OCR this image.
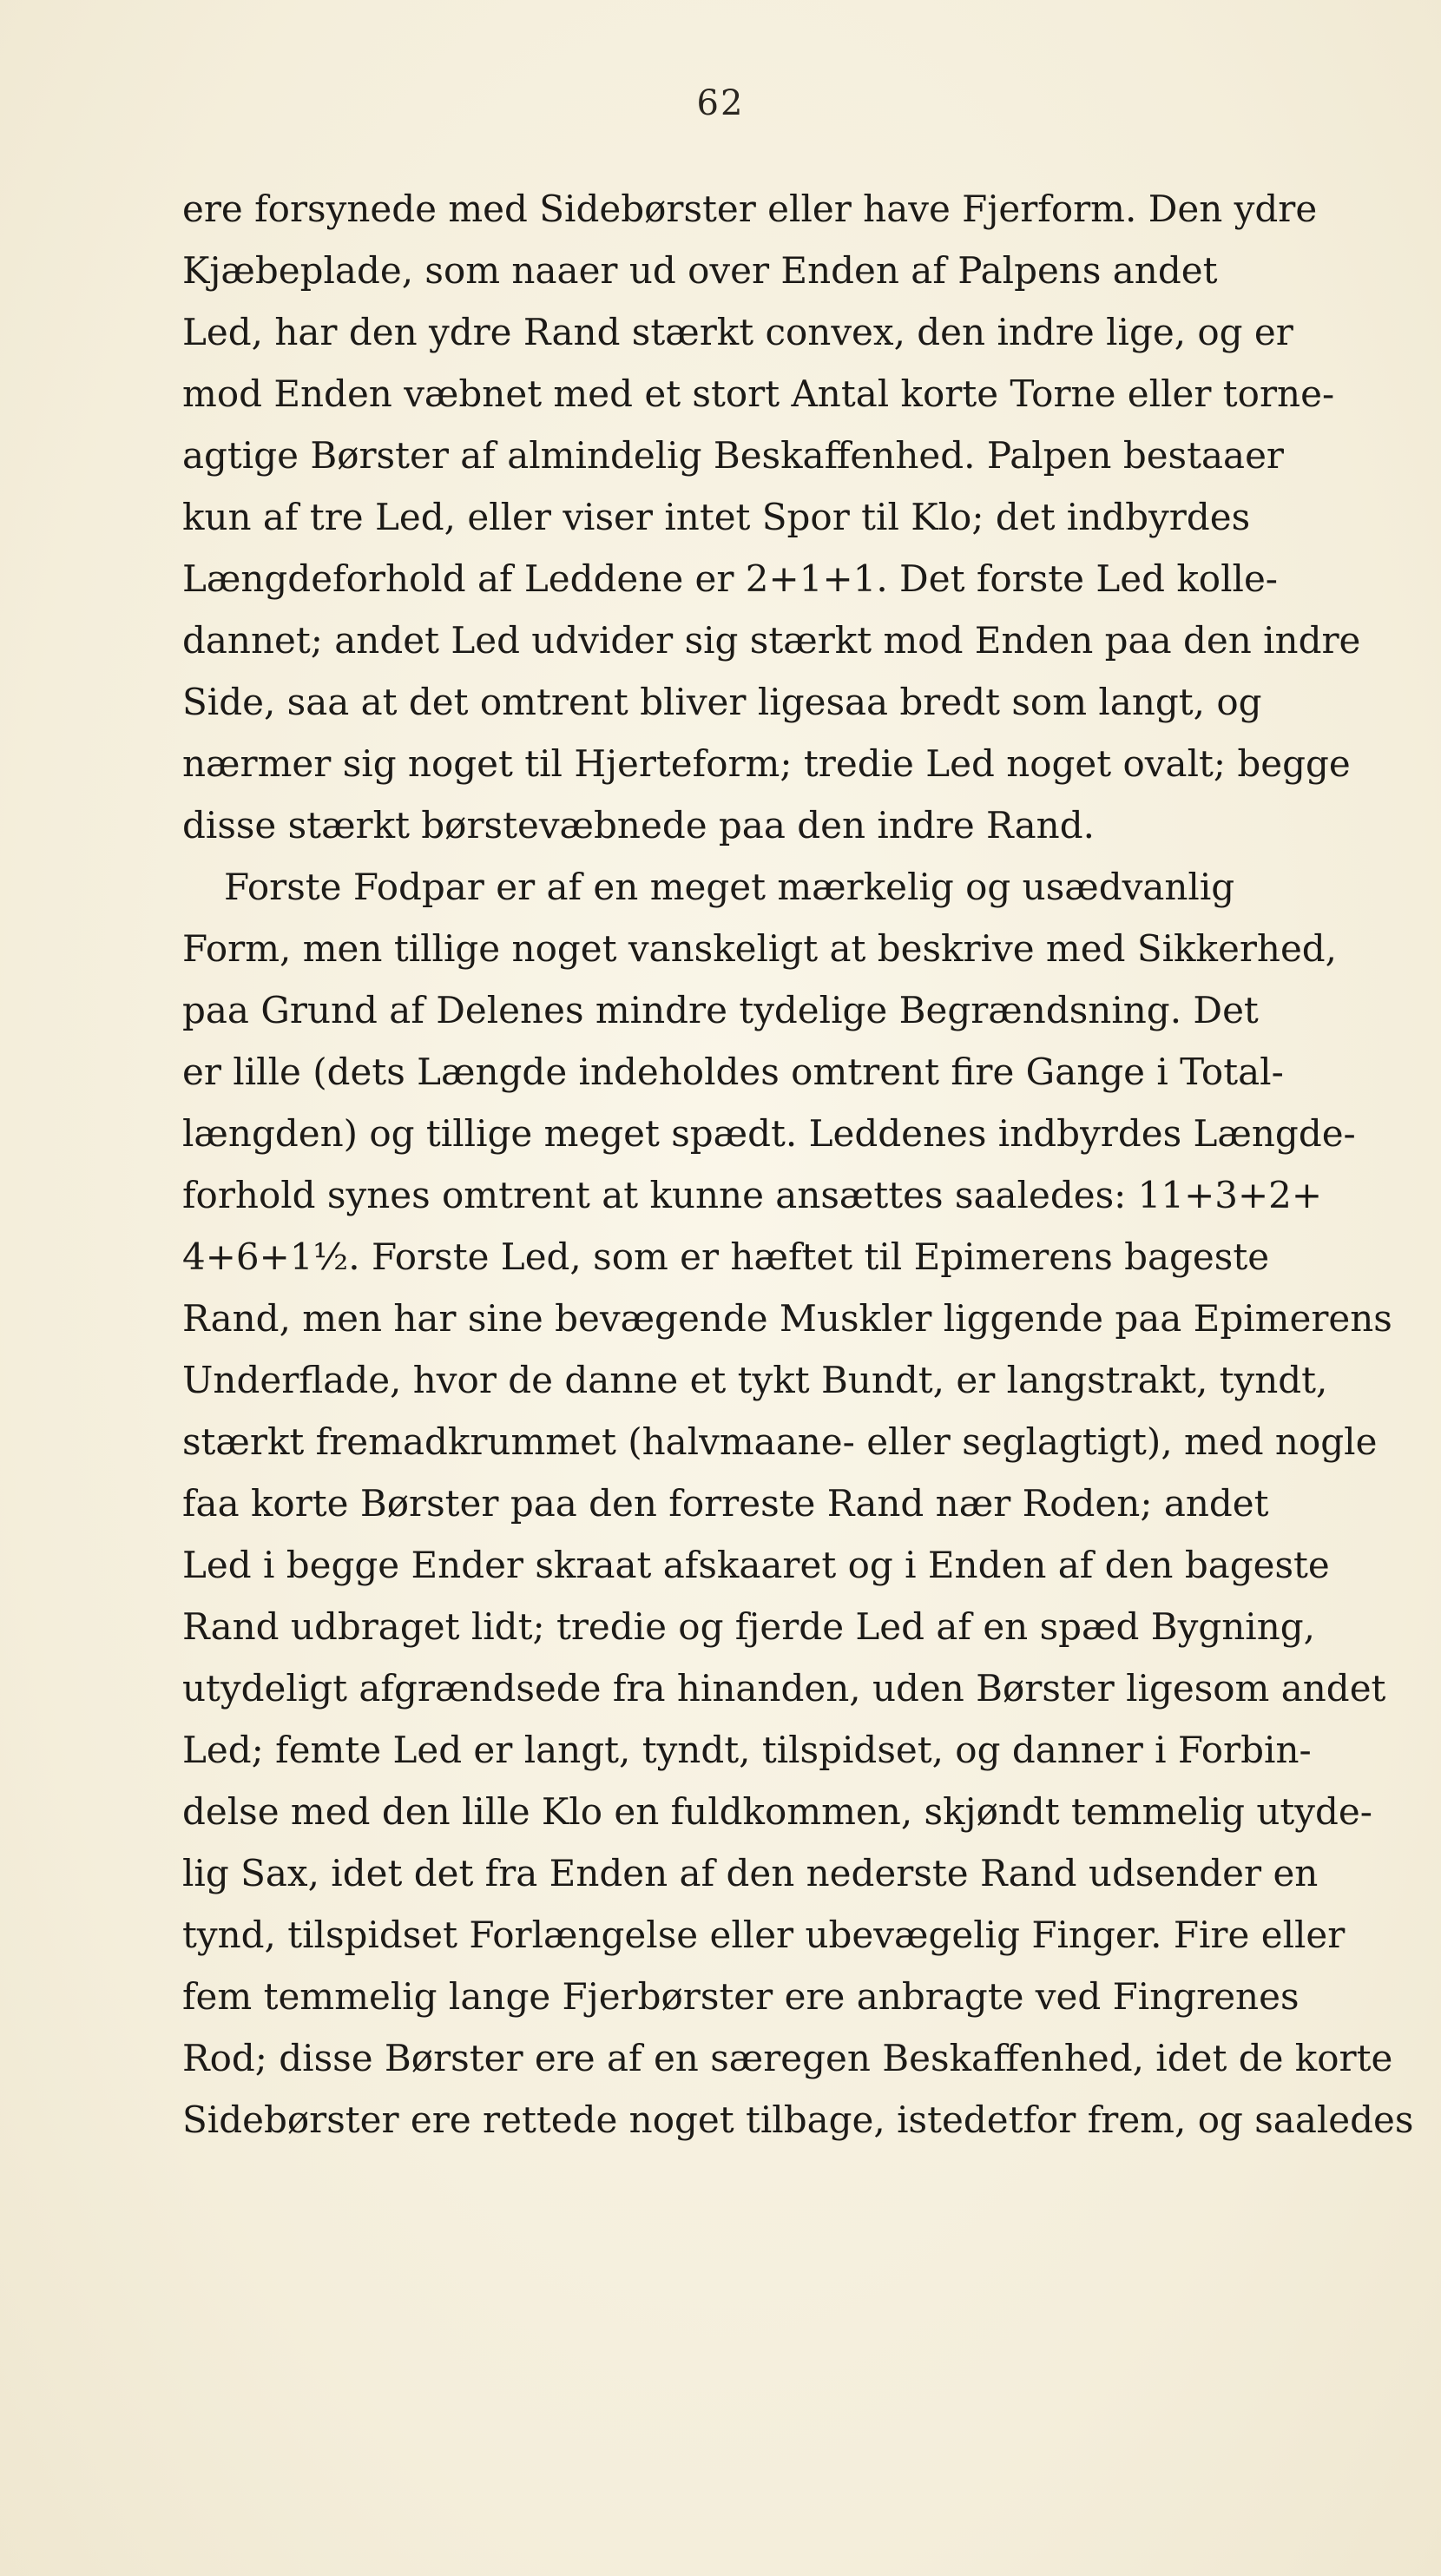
62
ere forsynede med Sidebørster eller have Fjerform. Den ydre
Kjæbeplade, som naaer ud over Enden af Palpens andet
Led, har den ydre Rand stærkt convex, den indre lige, og er
mod Enden væbnet med et stort Antal korte Torne eller torne-
agtige Børster af almindelig Beskaffenhed. Palpen bestaaer
kun af tre Led, eller viser intet Spor til Klo; det indbyrdes
Længdeforhold af Leddene er 2+1+1. Det forste Led kolle-
dannet; andet Led udvider sig stærkt mod Enden paa den indre
Side, saa at det omtrent bliver ligesaa bredt som langt, og
nærmer sig noget til Hjerteform; tredie Led noget ovalt; begge
disse stærkt børstevæbnede paa den indre Rand.
Forste Fodpar er af en meget mærkelig og usædvanlig
Form, men tillige noget vanskeligt at beskrive med Sikkerhed,
paa Grund af Delenes mindre tydelige Begrændsning. Det
er lille (dets Længde indeholdes omtrent fire Gange i Total-
længden) og tillige meget spædt. Leddenes indbyrdes Længde-
forhold synes omtrent at kunne ansættes saaledes: 11+3+2+
4+6+1½. Forste Led, som er hæftet til Epimerens bageste
Rand, men har sine bevægende Muskler liggende paa Epimerens
Underflade, hvor de danne et tykt Bundt, er langstrakt, tyndt,
stærkt fremadkrummet (halvmaane- eller seglagtigt), med nogle
faa korte Børster paa den forreste Rand nær Roden; andet
Led i begge Ender skraat afskaaret og i Enden af den bageste
Rand udbraget lidt; tredie og fjerde Led af en spæd Bygning,
utydeligt afgrændsede fra hinanden, uden Børster ligesom andet
Led; femte Led er langt, tyndt, tilspidset, og danner i Forbin-
delse med den lille Klo en fuldkommen, skjøndt temmelig utyde-
lig Sax, idet det fra Enden af den nederste Rand udsender en
tynd, tilspidset Forlængelse eller ubevægelig Finger. Fire eller
fem temmelig lange Fjerbørster ere anbragte ved Fingrenes
Rod; disse Børster ere af en særegen Beskaffenhed, idet de korte
Sidebørster ere rettede noget tilbage, istedetfor frem, og saaledes
